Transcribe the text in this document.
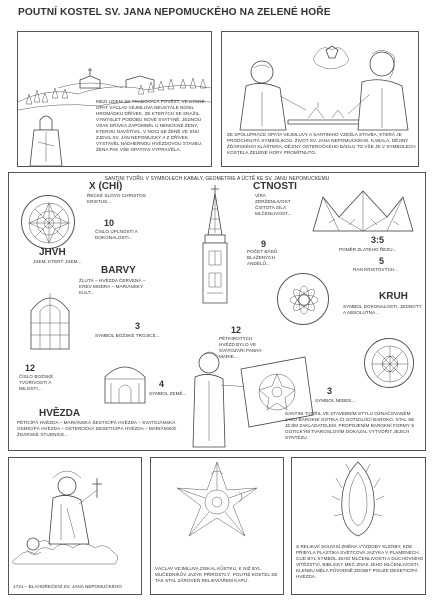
POUTNÍ KOSTEL SV. JANA NEPOMUCKÉHO NA ZELENÉ HOŘE
MEZI LIDEM SE TRADOVALA POVĚST, VE KTERÉ OPAT VÁCLAV VEJMLUVA NEUSTÁLE NOSIL HROMÁDKU DŘÍVEK. ZE KTERÝCH SE SNAŽIL VYMYSLET PODOBU NOVÉ SVATYNĚ. JEDNOU VŠAK DŘÍVKA ZAPOMNĚL U NEMOCNÉ ŽENY, KTEROU NAVŠTÍVIL. V NOCI SE ŽENĚ VE SNU ZJEVIL SV. JAN NEPOMUCKÝ A Z DŘÍVEK VYSTAVĚL NÁDHERNOU HVĚZDOVOU STAVBU. ŽENA PAK VŠE OPATOVI VYPRÁVĚLA.
ZE SPOLUPRÁCE OPATA VEJMLUVY A SANTINIHO VZEŠLA STAVBA, KTERÁ JE PRODCHNUTÁ SYMBOLIKOU. ŽIVOT SV. JANA NEPOMUCKÉHO, KABALA, DĚJINY ŽĎÁRSKÉHO KLÁŠTERA, DĚJINY OSTEROČKÉHO BÁDLU TO VŠE JE V SYMBOLECH KOSTELA ZELENÉ HORY PROMÍTNUTO.
SANTINI TVOŘIL V SYMBOLECH KABALY, GEOMETRIE A ÚCTĚ KE SV. JANU NEPOMUCKÉMU
X (CHÍ)
ŘECKÉ SLOVO CHRISTOS KRISTUS...
10
ČÍSLO ÚPLNOSTI A DOKONALOSTI...
CTNOSTI
VÍRA ZDRŽENLIVOST ČISTOTA SÍLA MLČENLIVOST...
JHVH
JSEM, KTERÝ JSEM...
9
POČET BÁDŮ BLAŽENÝCH ANDĚLŮ...
3:5
POMĚR ZLATÉHO ŘEZU...
BARVY
ŽLUTÁ – HVĚZDA ČERVENÁ – KREV MODRÁ – MARIÁNSKÝ KULT...
5
RAN KRISTOVÝCH...
KRUH
SYMBOL DOKONALOSTI, JEDNOTY A ABSOLUTNA...
3
SYMBOL BOŽSKÉ TROJICE...
12
PĚTIHROTÝCH HVĚZD BYLO VE SVATOZÁŘI PANNY MARIE...
12
ČÍSLO BOŽSKÉ TVOŘIVOSTI A MILOSTI...	4
SYMBOL ZEMĚ...	3
SYMBOL NEBES...
HVĚZDA
PĚTICÍPÁ HVĚZDA – MARIÁNSKÁ ŠESTICÍPÁ HVĚZDA – SVATOJÁNSKÁ OSMICÍPÁ HVĚZDA – OSTEROČKÁ DESETICÍPÁ HVĚZDA – MARIÁNSKÉ ŽDÁRSKÉ STUDNICE...
SANTINI TVOŘIL VE STAVEBNÍM STYLU OZNAČOVANÉM JAKO BAROKNÍ GOTIKA ČI GOTIZUJÍCÍ BAROKO. STAL SE JEJÍM ZAKLADATELEM. PROPOJENÍM BAROKNÍ FORMY S GOTICKÝM TVAROSLOVÍM DOKÁZAL VYTVOŘIT JEJICH SYNTÉZU.
1721 – BLAHOŘEČENÍ SV. JANA NEPOMUCKÉHO
VÁCLAV VEJMLUVA ZÍSKAL KŮSTKU, K NIŽ BYL MUČEDNÍKŮV JAZYK PŘIROSTLÝ. POUTNÍ KOSTEL SE TAK STAL ZÁROVEŇ RELIKVIÁŘEM KAPLÍ.
S RELIKVIÍ SOUVISÍ ZMĚNA VÝZDOBY KLENBY, KDE PŘIBYLA PLASTIKA SVĚTCOVA JAZYKA V PLAMENECH. CUD BYL SYMBOL JEHO MLČENLIVOSTI A DUCHOVNÍHO VÍTĚZSTVÍ, BIBLICKY MEČ ZNAK JEHO MLČENLIVOSTI. KLENBU MĚLA PŮVODNĚ ZDOBIT POUZE DESETICÍPÁ HVĚZDA.
